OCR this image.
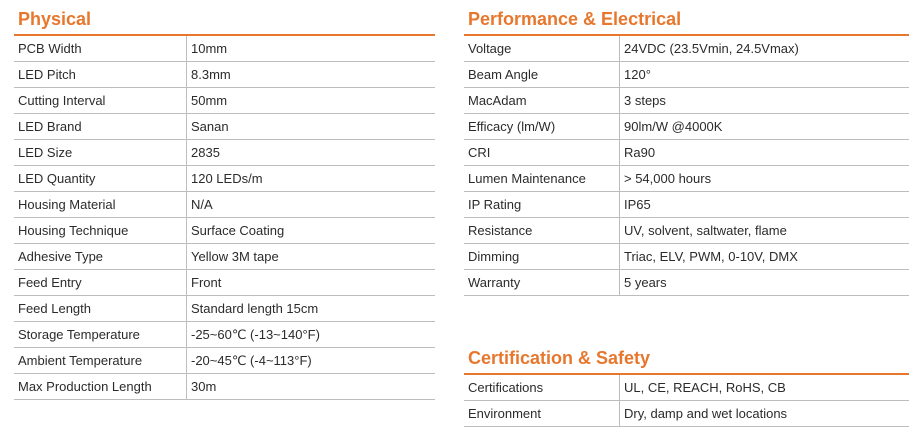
Physical
PCB Width	10mm
LED Pitch	8.3mm
Cutting Interval	50mm
LED Brand	Sanan
LED Size	2835
LED Quantity	120 LEDs/m
Housing Material	N/A
Housing Technique	Surface Coating
Adhesive Type	Yellow 3M tape
Feed Entry	Front
Feed Length	Standard length 15cm
Storage Temperature	-25~60℃ (-13~140°F)
Ambient Temperature	-20~45℃ (-4~113°F)
Max Production Length	30m
Performance & Electrical
Voltage	24VDC (23.5Vmin, 24.5Vmax)
Beam Angle	120°
MacAdam	3 steps
Efficacy (lm/W)	90lm/W @4000K
CRI	Ra90
Lumen Maintenance	> 54,000 hours
IP Rating	IP65
Resistance	UV, solvent, saltwater, flame
Dimming	Triac, ELV, PWM, 0-10V, DMX
Warranty	5 years
Certification & Safety
Certifications	UL, CE, REACH, RoHS, CB
Environment	Dry, damp and wet locations
